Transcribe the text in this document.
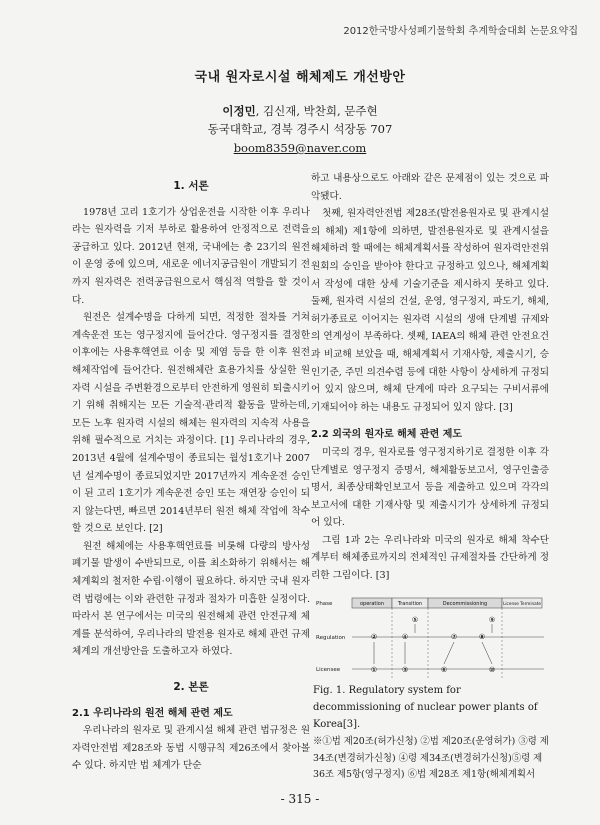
2012한국방사성폐기물학회 추계학술대회 논문요약집
국내 원자로시설 해체제도 개선방안
이정민, 김신재, 박찬희, 문주현
동국대학교, 경북 경주시 석장동 707
boom8359@naver.com
1. 서론

1978년 고리 1호기가 상업운전을 시작한 이후 우리나라는 원자력을 기저 부하로 활용하여 안정적으로 전력을 공급하고 있다. 2012년 현재, 국내에는 총 23기의 원전이 운영 중에 있으며, 새로운 에너지공급원이 개발되기 전까지 원자력은 전력공급원으로서 핵심적 역할을 할 것이다.

원전은 설계수명을 다하게 되면, 적정한 절차를 거쳐 계속운전 또는 영구정지에 들어간다. 영구정지를 결정한 이후에는 사용후핵연료 이송 및 제염 등을 한 이후 원전 해체작업에 들어간다. 원전해체란 효용가치를 상실한 원자력 시설을 주변환경으로부터 안전하게 영원히 퇴출시키기 위해 취해지는 모든 기술적·관리적 활동을 말하는데, 모든 노후 원자력 시설의 해체는 원자력의 지속적 사용을 위해 필수적으로 거치는 과정이다. [1] 우리나라의 경우, 2013년 4월에 설계수명이 종료되는 월성1호기나 2007년 설계수명이 종료되었지만 2017년까지 계속운전 승인이 된 고리 1호기가 계속운전 승인 또는 재연장 승인이 되지 않는다면, 빠르면 2014년부터 원전 해체 작업에 착수할 것으로 보인다. [2]

원전 해체에는 사용후핵연료를 비롯해 다량의 방사성폐기물 발생이 수반되므로, 이를 최소화하기 위해서는 해체계획의 철저한 수립·이행이 필요하다. 하지만 국내 원자력 법령에는 이와 관련한 규정과 절차가 미흡한 실정이다. 따라서 본 연구에서는 미국의 원전해체 관련 안전규제 체계를 분석하여, 우리나라의 발전용 원자로 해체 관련 규제체계의 개선방안을 도출하고자 하였다.

2. 본론
2.1 우리나라의 원전 해체 관련 제도

우리나라의 원자로 및 관계시설 해체 관련 법규정은 원자력안전법 제28조와 동법 시행규칙 제26조에서 찾아볼 수 있다. 하지만 법 체계가 단순

하고 내용상으로도 아래와 같은 문제점이 있는 것으로 파악됐다.

첫째, 원자력안전법 제28조(발전용원자로 및 관계시설의 해체) 제1항에 의하면, 발전용원자로 및 관계시설을 해체하려 할 때에는 해체계획서를 작성하여 원자력안전위원회의 승인을 받아야 한다고 규정하고 있으나, 해체계획서 작성에 대한 상세 기술기준을 제시하지 못하고 있다. 둘째, 원자력 시설의 건설, 운영, 영구정지, 파도기, 해체, 허가종료로 이어지는 원자력 시설의 생애 단계별 규제와의 연계성이 부족하다. 셋째, IAEA의 해체 관련 안전요건과 비교해 보았을 때, 해체계획서 기재사항, 제출시기, 승인기준, 주민 의견수렴 등에 대한 사항이 상세하게 규정되어 있지 않으며, 해체 단계에 따라 요구되는 구비서류에 기재되어야 하는 내용도 규정되어 있지 않다. [3]

2.2 외국의 원자로 해체 관련 제도

미국의 경우, 원자로를 영구정지하기로 결정한 이후 각 단계별로 영구정지 증명서, 해체활동보고서, 영구인출증명서, 최종상태확인보고서 등을 제출하고 있으며 각각의 보고서에 대한 기재사항 및 제출시기가 상세하게 규정되어 있다.

그림 1과 2는 우리나라와 미국의 원자로 해체 착수단계부터 해체종료까지의 전체적인 규제절차를 간단하게 정리한 그림이다. [3]

Phase
Regulation
Licensee
operation	Transition	Decommissioning	License Terminate
②	④
⑤
⑦	⑧
⑨
①	③	⑥	⑩
Fig. 1. Regulatory system for decommissioning of nuclear power plants of Korea[3].
※①법 제20조(허가신청) ②법 제20조(운영허가) ③령 제34조(변경허가신청) ④령 제34조(변경허가신청)⑤령 제36조 제5항(영구정지) ⑥법 제28조 제1항(해체계획서
- 315 -
